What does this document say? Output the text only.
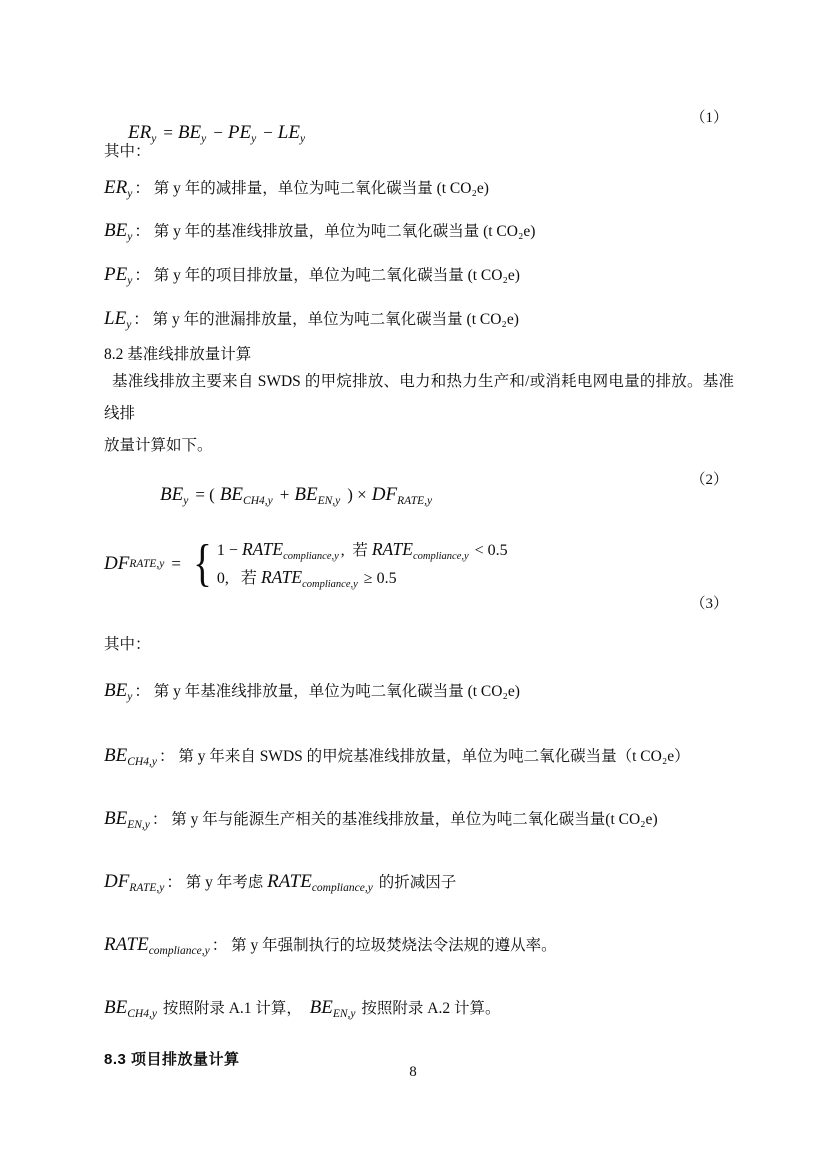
$ER_y = BE_y - PE_y - LE_y$

（1）

其中：
$ER_y$ ： 第 y 年的减排量，单位为吨二氧化碳当量 (t CO₂e)
$BE_y$ ： 第 y 年的基准线排放量，单位为吨二氧化碳当量 (t CO₂e)
$PE_y$ ： 第 y 年的项目排放量，单位为吨二氧化碳当量 (t CO₂e)
$LE_y$ ： 第 y 年的泄漏排放量，单位为吨二氧化碳当量 (t CO₂e)
8.2 基准线排放量计算
基准线排放主要来自 SWDS 的甲烷排放、电力和热力生产和/或消耗电网电量的排放。基准线排
放量计算如下。

$BE_y$ = ( $BE_{CH4,y} + BE_{EN,y}$ ) × $DF_{RATE,y}$

（2）

DF RATE,y = { $1 - RATE_{compliance,y}$ ,  若 $RATE_{compliance,y} < 0.5$
0,   若 $RATE_{compliance,y} \ge 0.5$
（3）
其中：
$BE_y$ ： 第 y 年基准线排放量，单位为吨二氧化碳当量 (t CO₂e)
$BE_{CH4,y}$ ： 第 y 年来自 SWDS 的甲烷基准线排放量，单位为吨二氧化碳当量（t CO₂e）
$BE_{EN,y}$ ： 第 y 年与能源生产相关的基准线排放量，单位为吨二氧化碳当量(t CO₂e)
$DF_{RATE,y}$ ： 第 y 年考虑 $RATE_{compliance,y}$ 的折减因子
$RATE_{compliance,y}$ ： 第 y 年强制执行的垃圾焚烧法令法规的遵从率。
$BE_{CH4,y}$ 按照附录 A.1 计算，  $BE_{EN,y}$ 按照附录 A.2 计算。
8.3 项目排放量计算
8
